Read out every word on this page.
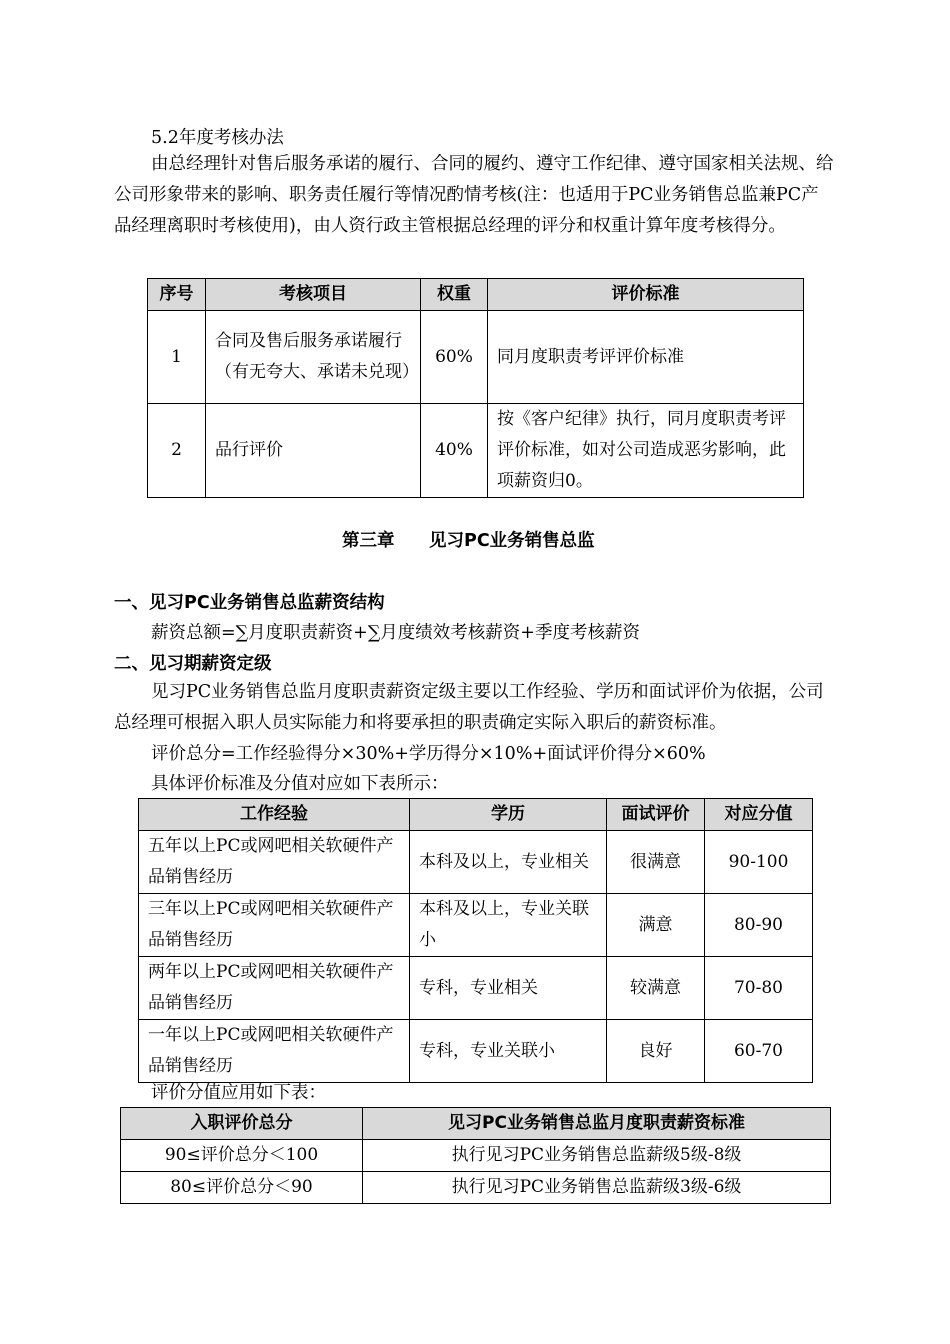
5.2年度考核办法

由总经理针对售后服务承诺的履行、合同的履约、遵守工作纪律、遵守国家相关法规、给公司形象带来的影响、职务责任履行等情况酌情考核(注：也适用于PC业务销售总监兼PC产品经理离职时考核使用)，由人资行政主管根据总经理的评分和权重计算年度考核得分。

序号	考核项目	权重	评价标准
1	合同及售后服务承诺履行（有无夸大、承诺未兑现）	60%	同月度职责考评评价标准
2	品行评价	40%	按《客户纪律》执行，同月度职责考评评价标准，如对公司造成恶劣影响，此项薪资归0。

第三章 见习PC业务销售总监

一、见习PC业务销售总监薪资结构

薪资总额=∑月度职责薪资+∑月度绩效考核薪资+季度考核薪资

二、见习期薪资定级

见习PC业务销售总监月度职责薪资定级主要以工作经验、学历和面试评价为依据，公司总经理可根据入职人员实际能力和将要承担的职责确定实际入职后的薪资标准。

评价总分=工作经验得分×30%+学历得分×10%+面试评价得分×60%

具体评价标准及分值对应如下表所示：

工作经验	学历	面试评价	对应分值
五年以上PC或网吧相关软硬件产品销售经历	本科及以上，专业相关	很满意	90-100
三年以上PC或网吧相关软硬件产品销售经历	本科及以上，专业关联小	满意	80-90
两年以上PC或网吧相关软硬件产品销售经历	专科，专业相关	较满意	70-80
一年以上PC或网吧相关软硬件产品销售经历	专科，专业关联小	良好	60-70

评价分值应用如下表：

入职评价总分	见习PC业务销售总监月度职责薪资标准
90≤评价总分＜100	执行见习PC业务销售总监薪级5级-8级
80≤评价总分＜90	执行见习PC业务销售总监薪级3级-6级
